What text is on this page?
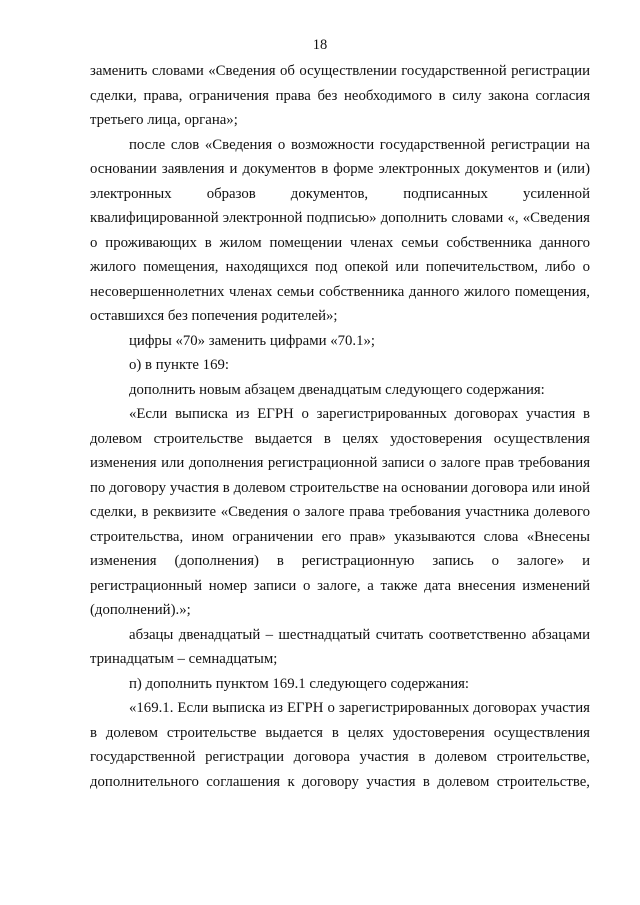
18

заменить словами «Сведения об осуществлении государственной регистрации сделки, права, ограничения права без необходимого в силу закона согласия третьего лица, органа»;

после слов «Сведения о возможности государственной регистрации на основании заявления и документов в форме электронных документов и (или) электронных образов документов, подписанных усиленной квалифицированной электронной подписью» дополнить словами «, «Сведения о проживающих в жилом помещении членах семьи собственника данного жилого помещения, находящихся под опекой или попечительством, либо о несовершеннолетних членах семьи собственника данного жилого помещения, оставшихся без попечения родителей»;

цифры «70» заменить цифрами «70.1»;

о) в пункте 169:

дополнить новым абзацем двенадцатым следующего содержания:

«Если выписка из ЕГРН о зарегистрированных договорах участия в долевом строительстве выдается в целях удостоверения осуществления изменения или дополнения регистрационной записи о залоге прав требования по договору участия в долевом строительстве на основании договора или иной сделки, в реквизите «Сведения о залоге права требования участника долевого строительства, ином ограничении его прав» указываются слова «Внесены изменения (дополнения) в регистрационную запись о залоге» и регистрационный номер записи о залоге, а также дата внесения изменений (дополнений).»;

абзацы двенадцатый – шестнадцатый считать соответственно абзацами тринадцатым – семнадцатым;

п) дополнить пунктом 169.1 следующего содержания:

«169.1. Если выписка из ЕГРН о зарегистрированных договорах участия в долевом строительстве выдается в целях удостоверения осуществления государственной регистрации договора участия в долевом строительстве, дополнительного соглашения к договору участия в долевом строительстве,
